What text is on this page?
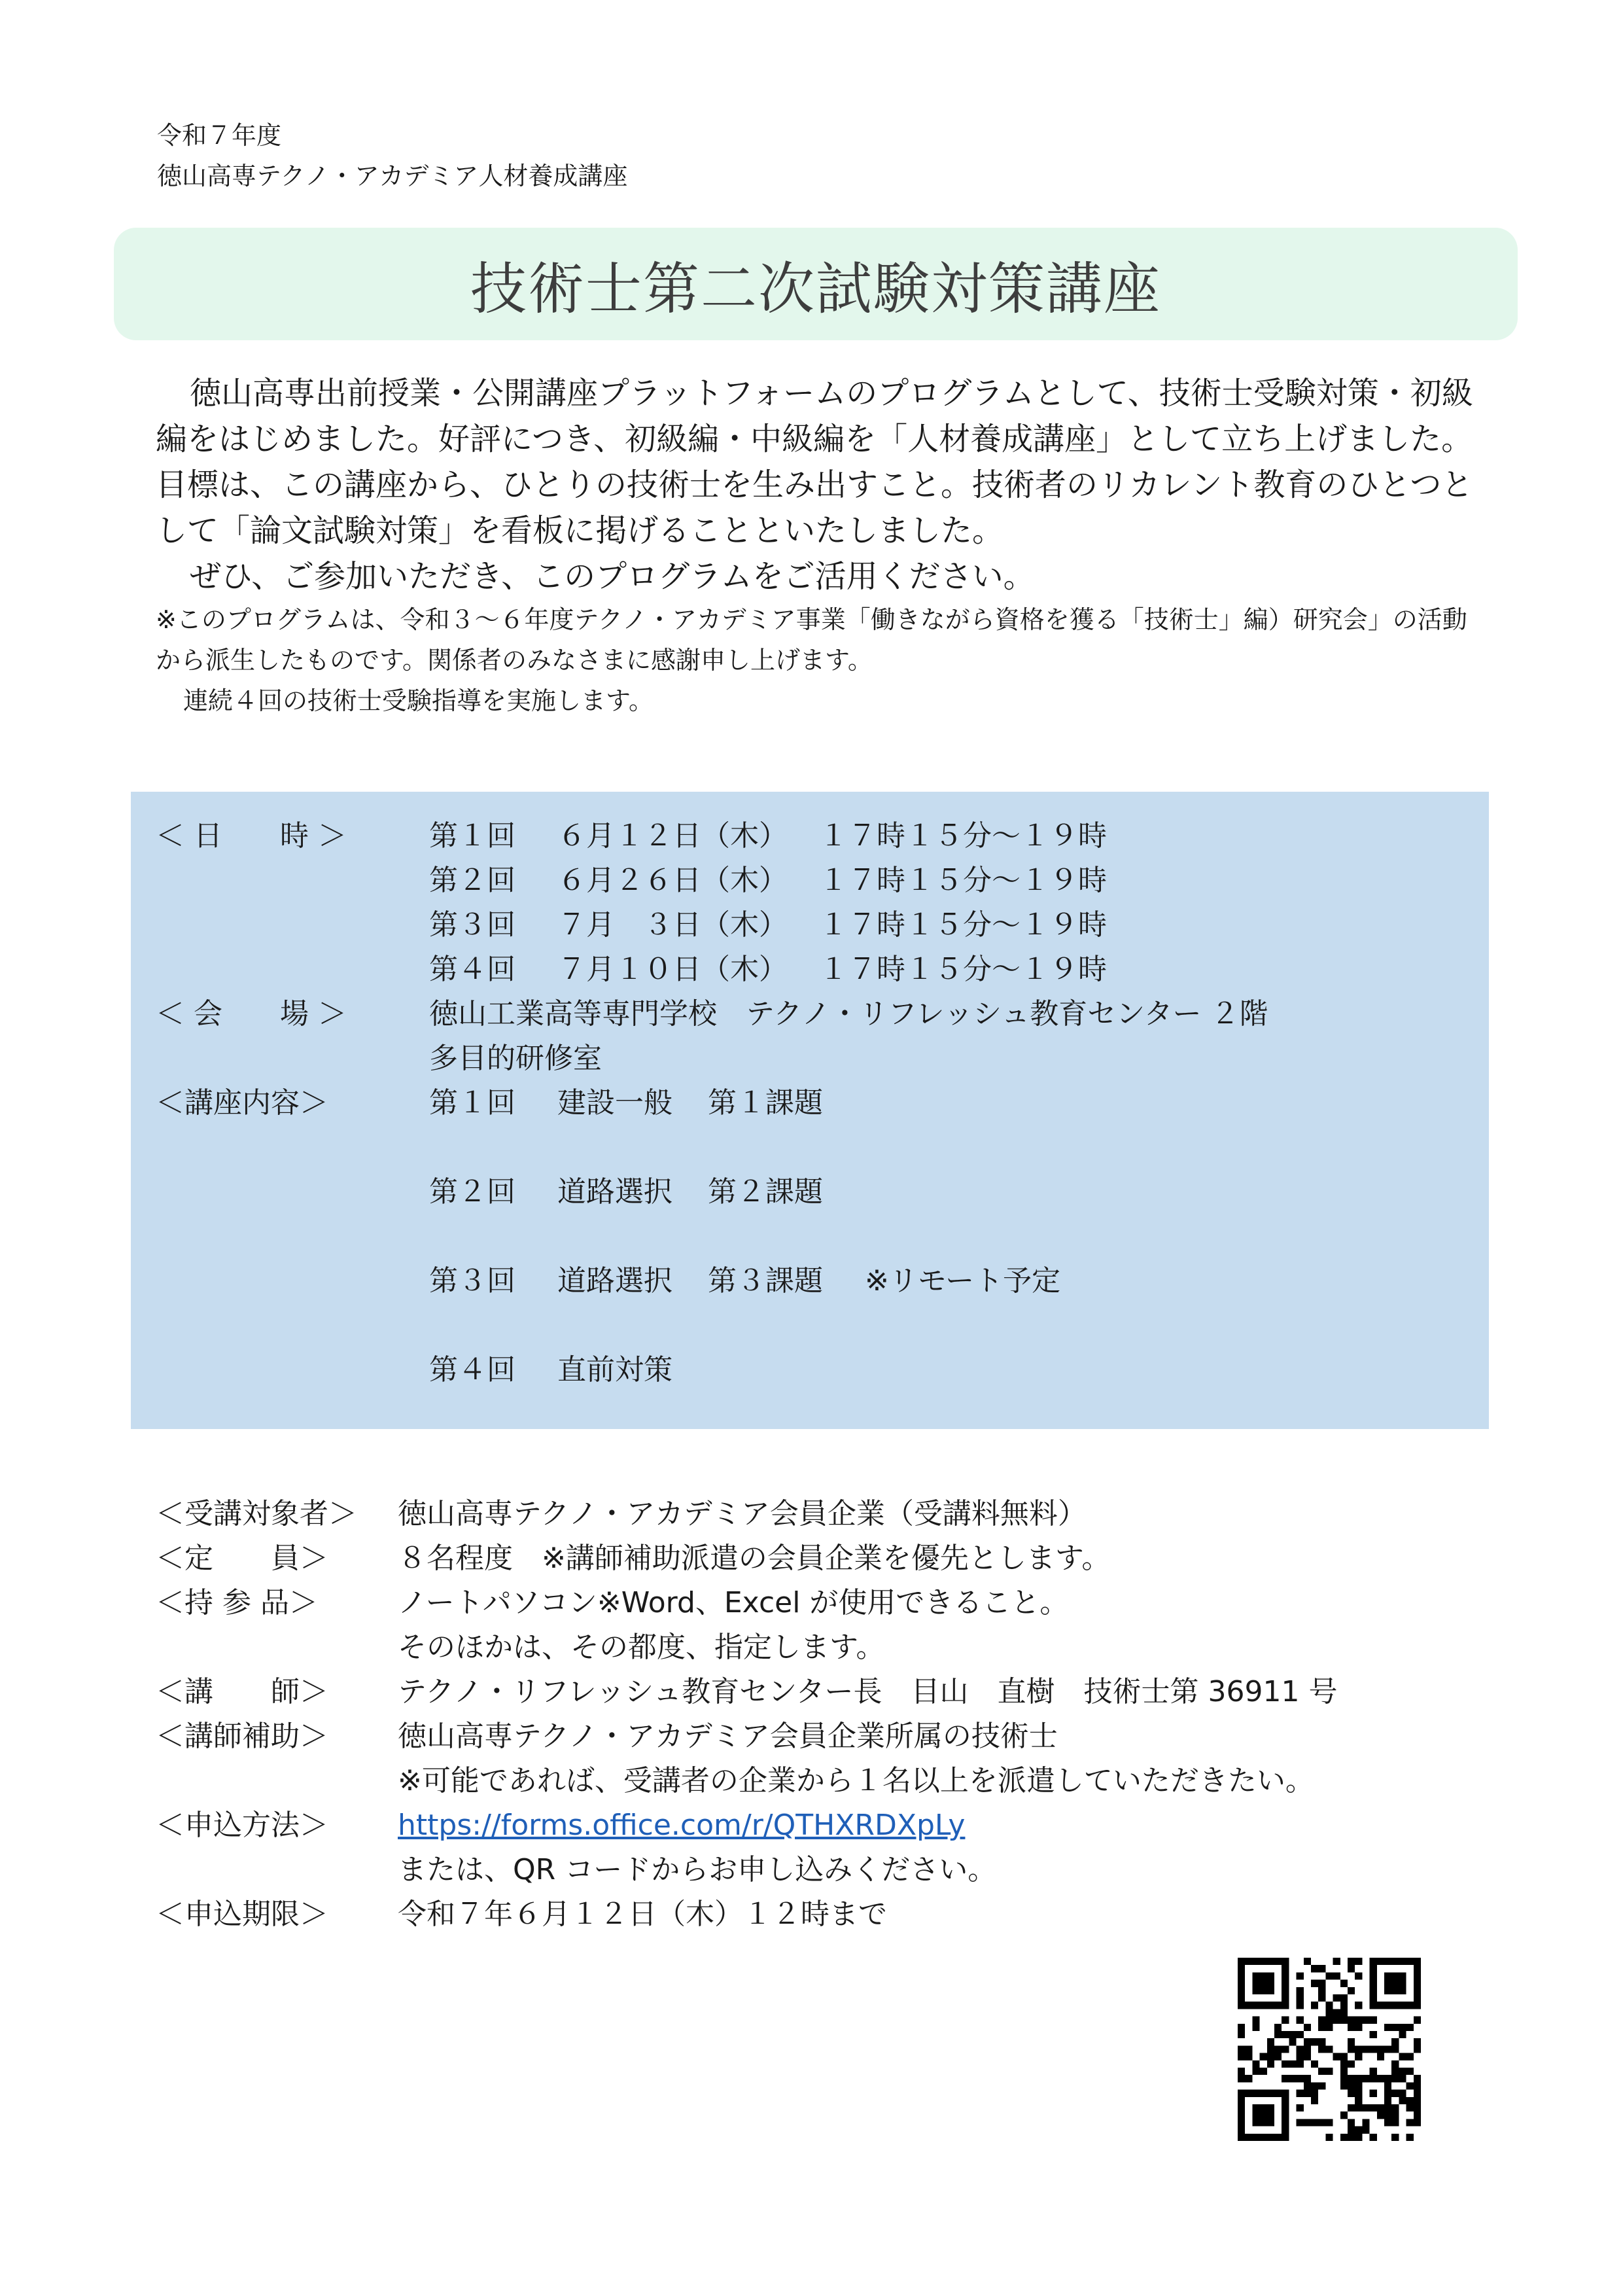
令和７年度
徳山高専テクノ・アカデミア人材養成講座
技術士第二次試験対策講座

徳山高専出前授業・公開講座プラットフォームのプログラムとして、技術士受験対策・初級編をはじめました。好評につき、初級編・中級編を「人材養成講座」として立ち上げました。目標は、この講座から、ひとりの技術士を生み出すこと。技術者のリカレント教育のひとつとして「論文試験対策」を看板に掲げることといたしました。

ぜひ、ご参加いただき、このプログラムをご活用ください。

※このプログラムは、令和３～６年度テクノ・アカデミア事業「働きながら資格を獲る「技術士」編）研究会」の活動から派生したものです。関係者のみなさまに感謝申し上げます。

連続４回の技術士受験指導を実施します。

＜ 日　　時 ＞	第１回 ６月１２日（木） １７時１５分～１９時
第２回 ６月２６日（木） １７時１５分～１９時
第３回 ７月　３日（木） １７時１５分～１９時
第４回 ７月１０日（木） １７時１５分～１９時
＜ 会　　場 ＞	徳山工業高等専門学校　テクノ・リフレッシュ教育センター ２階
多目的研修室
＜講座内容＞	第１回 建設一般 第１課題
第２回 道路選択 第２課題
第３回 道路選択 第３課題 ※リモート予定
第４回 直前対策
＜受講対象者＞ 徳山高専テクノ・アカデミア会員企業（受講料無料）
＜定　　員＞ ８名程度　※講師補助派遣の会員企業を優先とします。
＜持 参 品＞	ノートパソコン※Word、Excel が使用できること。
そのほかは、その都度、指定します。
＜講　　師＞ テクノ・リフレッシュ教育センター長　目山　直樹　技術士第 36911 号
＜講師補助＞ 徳山高専テクノ・アカデミア会員企業所属の技術士
※可能であれば、受講者の企業から１名以上を派遣していただきたい。
＜申込方法＞ https://forms.office.com/r/QTHXRDXpLy
または、QR コードからお申し込みください。
＜申込期限＞ 令和７年６月１２日（木）１２時まで
